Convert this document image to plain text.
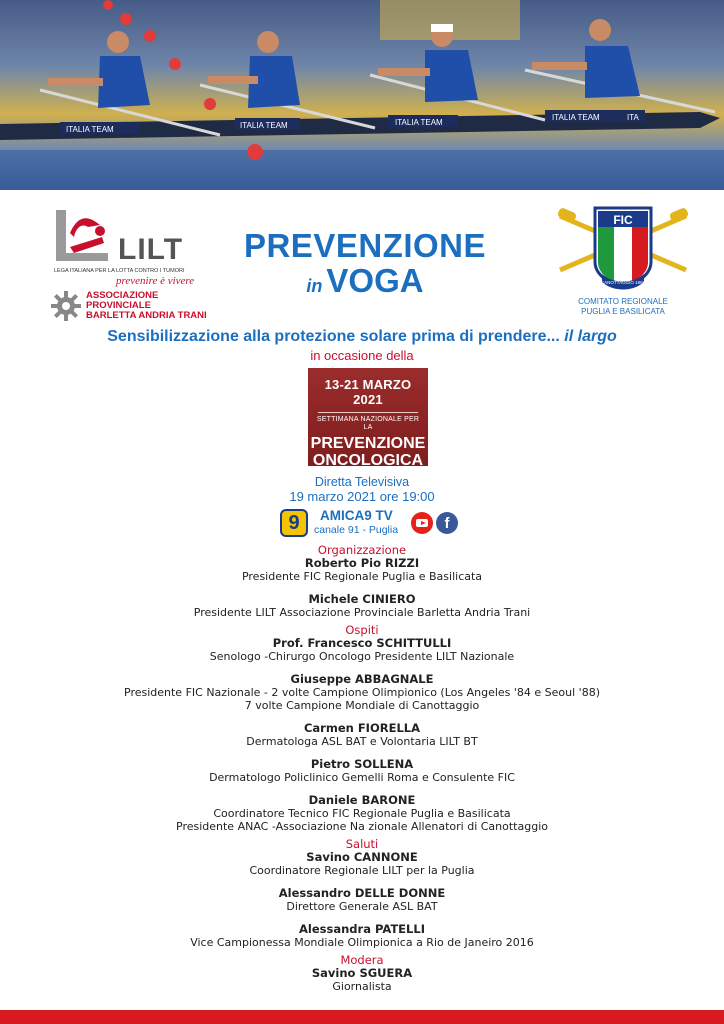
ITALIA TEAM	ITALIA TEAM	ITALIA TEAM
ITALIA TEAM	ITA
LILT
LEGA ITALIANA PER LA LOTTA CONTRO I TUMORI
prevenire è vivere
ASSOCIAZIONE
PROVINCIALE
BARLETTA ANDRIA TRANI
PREVENZIONE
in VOGA
FIC
CANOTTAGGIO 1888
COMITATO REGIONALE
PUGLIA E BASILICATA
Sensibilizzazione alla protezione solare prima di prendere... il largo
in occasione della
13-21 MARZO 2021
SETTIMANA NAZIONALE PER LA
PREVENZIONE
ONCOLOGICA
Diretta Televisiva
19 marzo 2021 ore 19:00
9	AMICA9 TV
canale 91 - Puglia	f
Organizzazione
Roberto Pio RIZZI
Presidente FIC Regionale Puglia e Basilicata
Michele CINIERO
Presidente LILT Associazione Provinciale Barletta Andria Trani
Ospiti
Prof. Francesco SCHITTULLI
Senologo -Chirurgo Oncologo Presidente LILT Nazionale
Giuseppe ABBAGNALE
Presidente FIC Nazionale - 2 volte Campione Olimpionico (Los Angeles '84 e Seoul '88)
7 volte Campione Mondiale di Canottaggio
Carmen FIORELLA
Dermatologa ASL BAT e Volontaria LILT BT
Pietro SOLLENA
Dermatologo Policlinico Gemelli Roma e Consulente FIC
Daniele BARONE
Coordinatore Tecnico FIC Regionale Puglia e Basilicata
Presidente ANAC -Associazione Na zionale Allenatori di Canottaggio
Saluti
Savino CANNONE
Coordinatore Regionale LILT per la Puglia
Alessandro DELLE DONNE
Direttore Generale ASL BAT
Alessandra PATELLI
Vice Campionessa Mondiale Olimpionica a Rio de Janeiro 2016
Modera
Savino SGUERA
Giornalista
